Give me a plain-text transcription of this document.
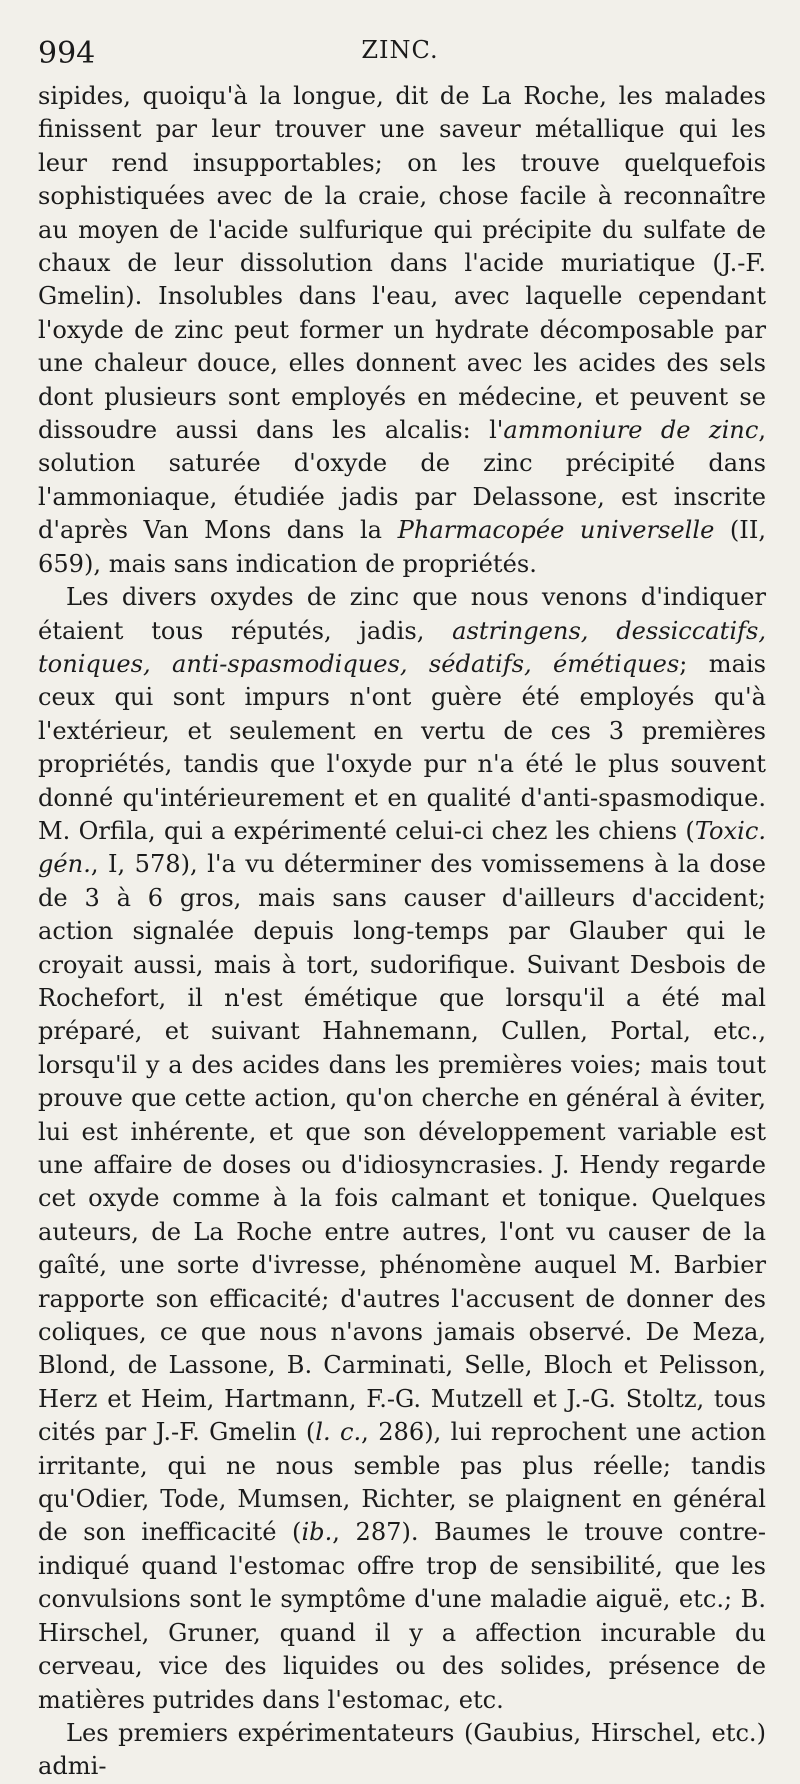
994	ZINC.

sipides, quoiqu'à la longue, dit de La Roche, les malades finissent par leur trouver une saveur métallique qui les leur rend insupportables; on les trouve quelquefois sophistiquées avec de la craie, chose facile à reconnaître au moyen de l'acide sulfurique qui précipite du sulfate de chaux de leur dissolution dans l'acide muriatique (J.-F. Gmelin). Insolubles dans l'eau, avec laquelle cependant l'oxyde de zinc peut former un hydrate décomposable par une chaleur douce, elles donnent avec les acides des sels dont plusieurs sont employés en médecine, et peuvent se dissoudre aussi dans les alcalis: l'ammoniure de zinc, solution saturée d'oxyde de zinc précipité dans l'ammoniaque, étudiée jadis par Delassone, est inscrite d'après Van Mons dans la Pharmacopée universelle (II, 659), mais sans indication de propriétés.

Les divers oxydes de zinc que nous venons d'indiquer étaient tous réputés, jadis, astringens, dessiccatifs, toniques, anti-spasmodiques, sédatifs, émétiques; mais ceux qui sont impurs n'ont guère été employés qu'à l'extérieur, et seulement en vertu de ces 3 premières propriétés, tandis que l'oxyde pur n'a été le plus souvent donné qu'intérieurement et en qualité d'anti-spasmodique. M. Orfila, qui a expérimenté celui-ci chez les chiens (Toxic. gén., I, 578), l'a vu déterminer des vomissemens à la dose de 3 à 6 gros, mais sans causer d'ailleurs d'accident; action signalée depuis long-temps par Glauber qui le croyait aussi, mais à tort, sudorifique. Suivant Desbois de Rochefort, il n'est émétique que lorsqu'il a été mal préparé, et suivant Hahnemann, Cullen, Portal, etc., lorsqu'il y a des acides dans les premières voies; mais tout prouve que cette action, qu'on cherche en général à éviter, lui est inhérente, et que son développement variable est une affaire de doses ou d'idiosyncrasies. J. Hendy regarde cet oxyde comme à la fois calmant et tonique. Quelques auteurs, de La Roche entre autres, l'ont vu causer de la gaîté, une sorte d'ivresse, phénomène auquel M. Barbier rapporte son efficacité; d'autres l'accusent de donner des coliques, ce que nous n'avons jamais observé. De Meza, Blond, de Lassone, B. Carminati, Selle, Bloch et Pelisson, Herz et Heim, Hartmann, F.-G. Mutzell et J.-G. Stoltz, tous cités par J.-F. Gmelin (l. c., 286), lui reprochent une action irritante, qui ne nous semble pas plus réelle; tandis qu'Odier, Tode, Mumsen, Richter, se plaignent en général de son inefficacité (ib., 287). Baumes le trouve contre-indiqué quand l'estomac offre trop de sensibilité, que les convulsions sont le symptôme d'une maladie aiguë, etc.; B. Hirschel, Gruner, quand il y a affection incurable du cerveau, vice des liquides ou des solides, présence de matières putrides dans l'estomac, etc.

Les premiers expérimentateurs (Gaubius, Hirschel, etc.) admi-
